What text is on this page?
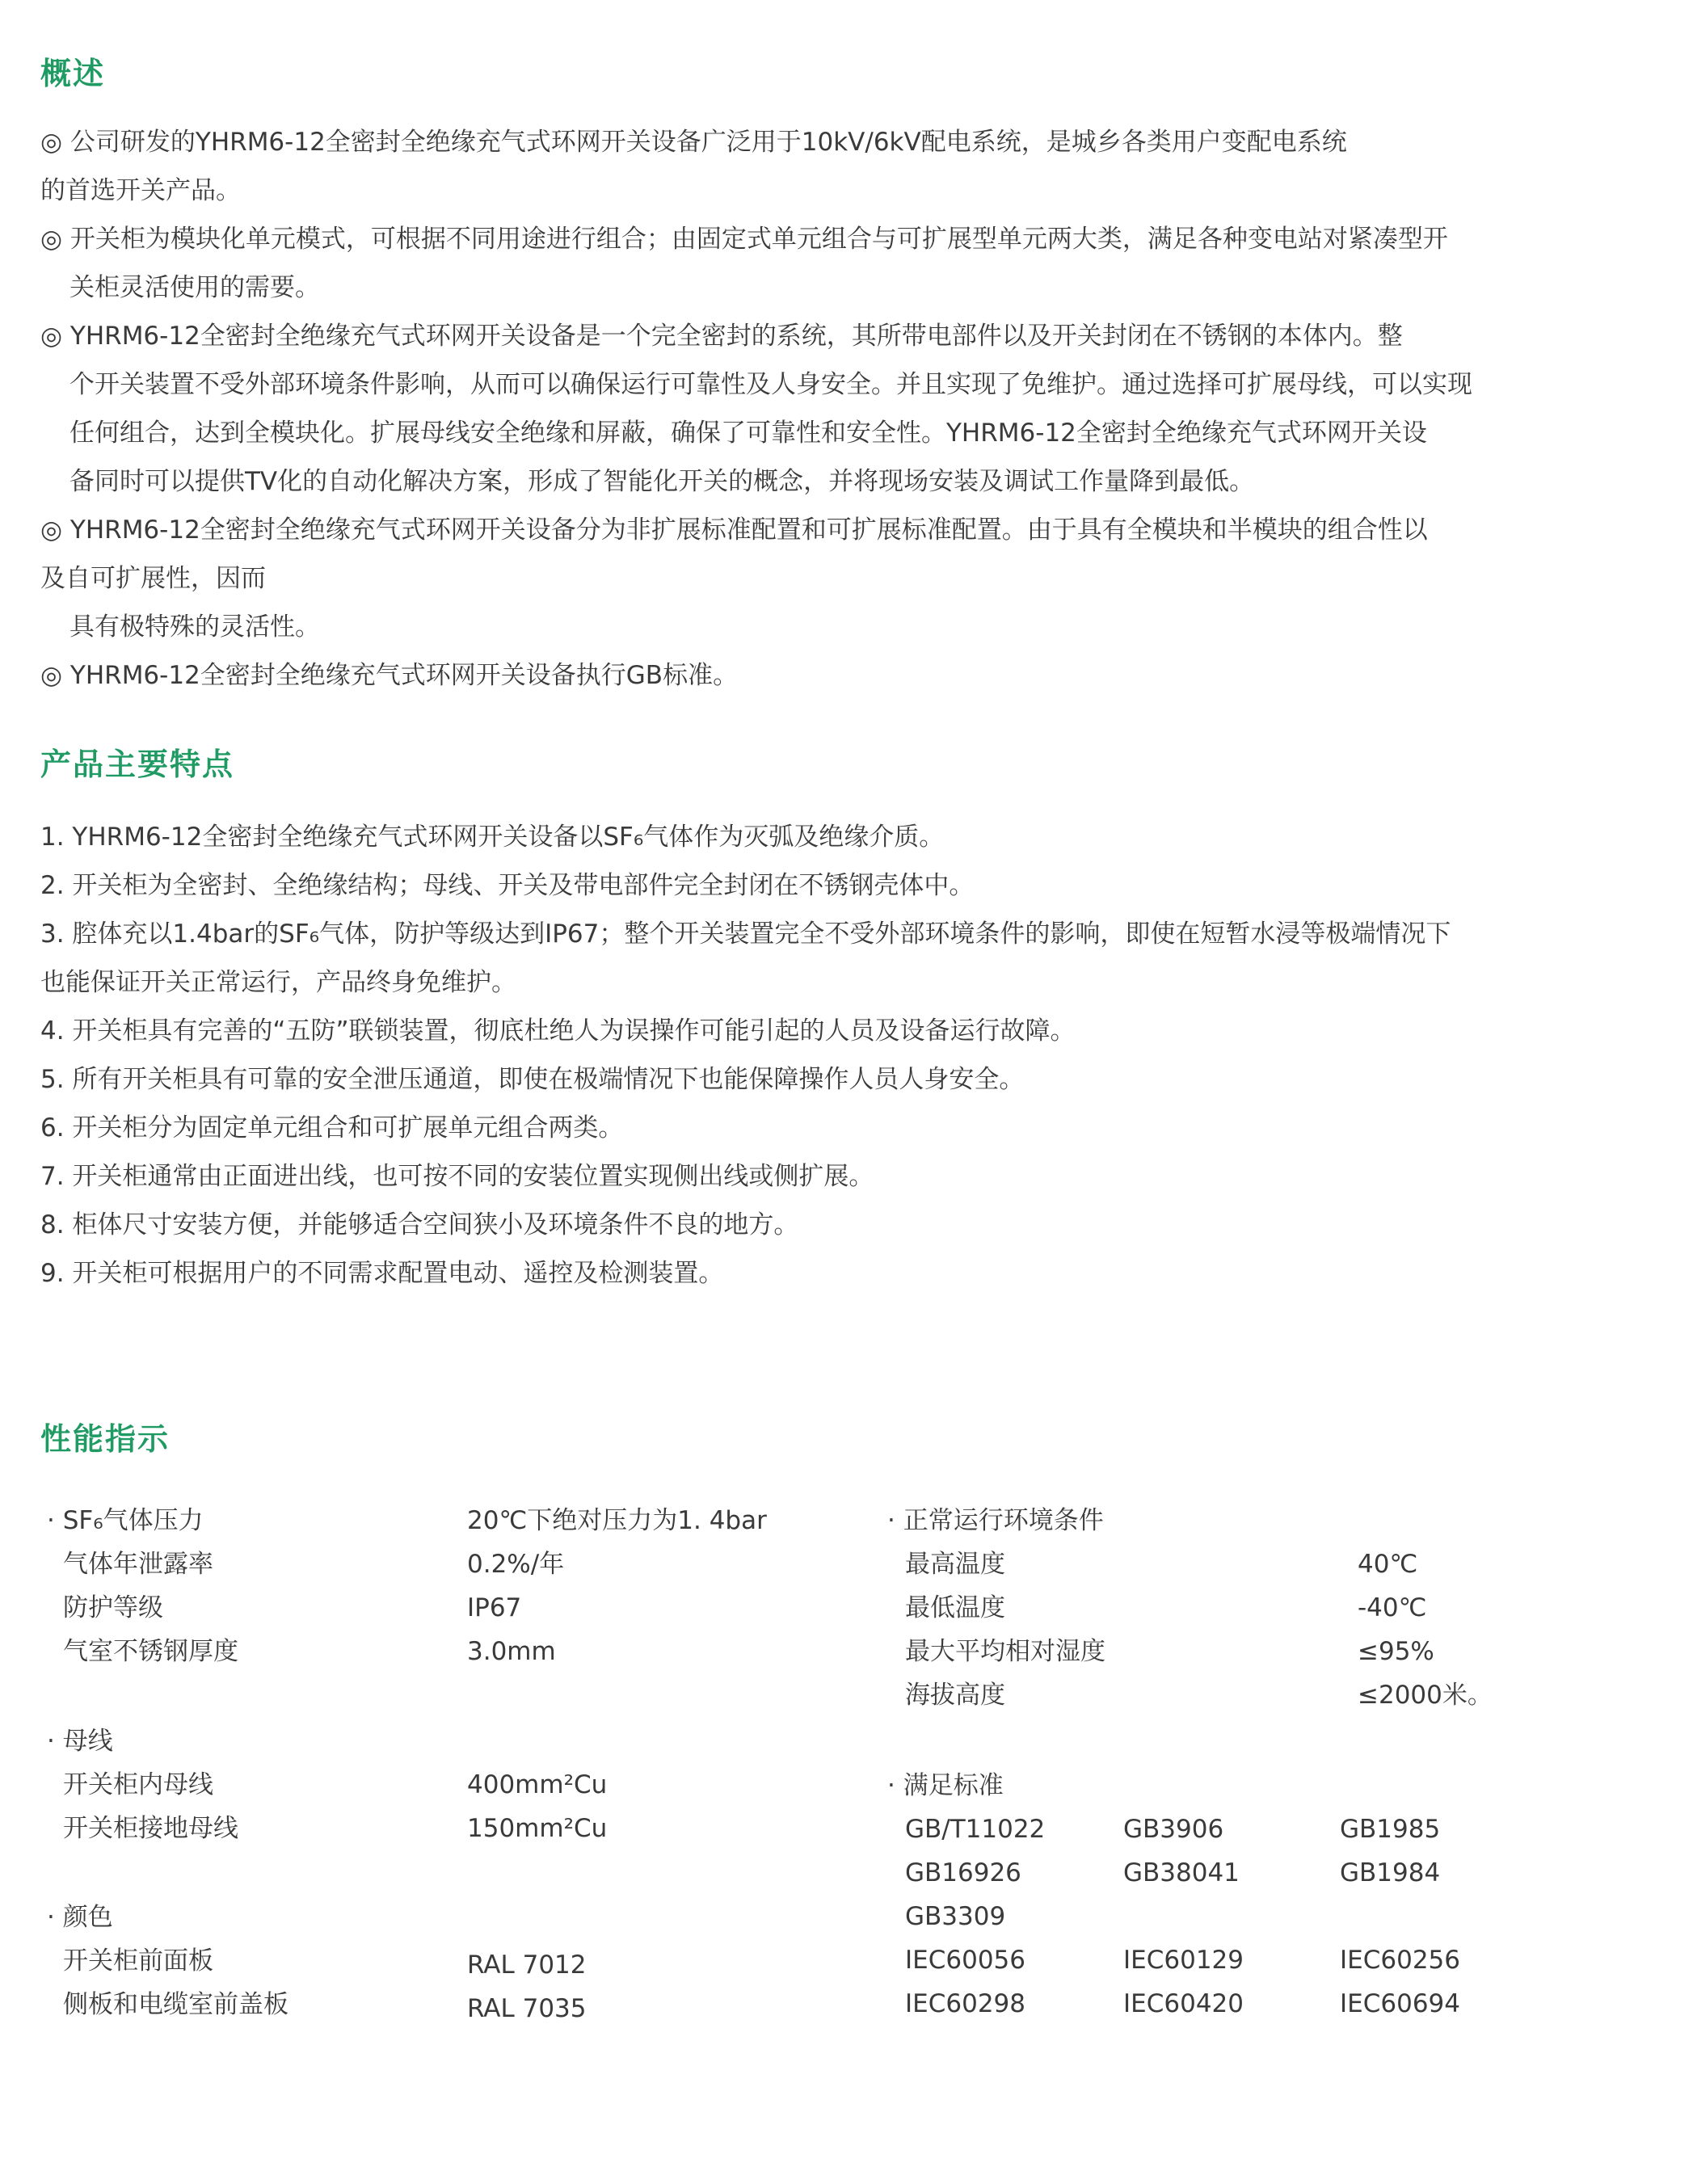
概述

◎ 公司研发的YHRM6-12全密封全绝缘充气式环网开关设备广泛用于10kV/6kV配电系统，是城乡各类用户变配电系统

的首选开关产品。

◎ 开关柜为模块化单元模式，可根据不同用途进行组合；由固定式单元组合与可扩展型单元两大类，满足各种变电站对紧凑型开

关柜灵活使用的需要。

◎ YHRM6-12全密封全绝缘充气式环网开关设备是一个完全密封的系统，其所带电部件以及开关封闭在不锈钢的本体内。整

个开关装置不受外部环境条件影响，从而可以确保运行可靠性及人身安全。并且实现了免维护。通过选择可扩展母线，可以实现

任何组合，达到全模块化。扩展母线安全绝缘和屏蔽，确保了可靠性和安全性。YHRM6-12全密封全绝缘充气式环网开关设

备同时可以提供TV化的自动化解决方案，形成了智能化开关的概念，并将现场安装及调试工作量降到最低。

◎ YHRM6-12全密封全绝缘充气式环网开关设备分为非扩展标准配置和可扩展标准配置。由于具有全模块和半模块的组合性以

及自可扩展性，因而

具有极特殊的灵活性。

◎ YHRM6-12全密封全绝缘充气式环网开关设备执行GB标准。

产品主要特点

1. YHRM6-12全密封全绝缘充气式环网开关设备以SF₆气体作为灭弧及绝缘介质。

2. 开关柜为全密封、全绝缘结构；母线、开关及带电部件完全封闭在不锈钢壳体中。

3. 腔体充以1.4bar的SF₆气体，防护等级达到IP67；整个开关装置完全不受外部环境条件的影响，即使在短暂水浸等极端情况下

也能保证开关正常运行，产品终身免维护。

4. 开关柜具有完善的“五防”联锁装置，彻底杜绝人为误操作可能引起的人员及设备运行故障。

5. 所有开关柜具有可靠的安全泄压通道，即使在极端情况下也能保障操作人员人身安全。

6. 开关柜分为固定单元组合和可扩展单元组合两类。

7. 开关柜通常由正面进出线，也可按不同的安装位置实现侧出线或侧扩展。

8. 柜体尺寸安装方便，并能够适合空间狭小及环境条件不良的地方。

9. 开关柜可根据用户的不同需求配置电动、遥控及检测装置。

性能指示
· SF₆气体压力	20℃下绝对压力为1. 4bar
气体年泄露率	0.2%/年
防护等级	IP67
气室不锈钢厚度	3.0mm
· 母线
开关柜内母线	400mm²Cu
开关柜接地母线	150mm²Cu
· 颜色
开关柜前面板	RAL 7012
侧板和电缆室前盖板	RAL 7035
· 正常运行环境条件
最高温度	40℃
最低温度	-40℃
最大平均相对湿度	≤95%
海拔高度	≤2000米。
· 满足标准
GB/T11022	GB3906	GB1985
GB16926	GB38041	GB1984
GB3309
IEC60056	IEC60129	IEC60256
IEC60298	IEC60420	IEC60694
